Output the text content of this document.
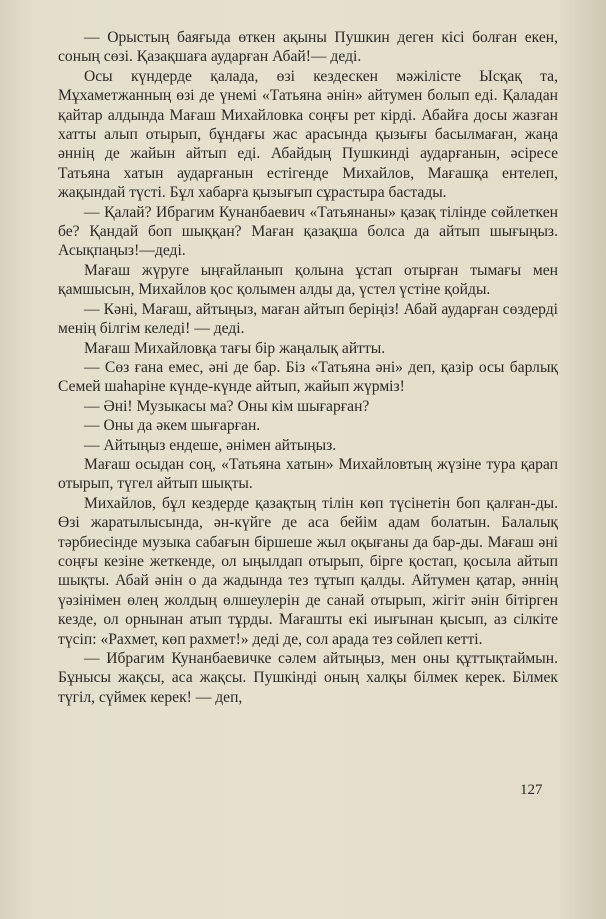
— Орыстың баяғыда өткен ақыны Пушкин деген кісі болған екен, соның сөзі. Қазақшаға аударған Абай!— деді.

Осы күндерде қалада, өзі кездескен мәжілісте Ысқақ та, Мұхаметжанның өзі де үнемі «Татьяна әнін» айтумен болып еді. Қаладан қайтар алдында Мағаш Михайловка соңғы рет кірді. Абайға досы жазған хатты алып отырып, бұндағы жас арасында қызығы басылмаған, жаңа әннің де жайын айтып еді. Абайдың Пушкинді аударғанын, әсіресе Татьяна хатын аударғанын естігенде Михайлов, Мағашқа ентелеп, жақындай түсті. Бұл хабарға қызығып сұрастыра бастады.

— Қалай? Ибрагим Кунанбаевич «Татьянаны» қазақ тілінде сөйлеткен бе? Қандай боп шыққан? Маған қазақша болса да айтып шығыңыз. Асықпаңыз!—деді.

Мағаш жүруге ыңғайланып қолына ұстап отырған тымағы мен қамшысын, Михайлов қос қолымен алды да, үстел үстіне қойды.

— Кәні, Мағаш, айтыңыз, маған айтып беріңіз! Абай аударған сөздерді менің білгім келеді! — деді.

Мағаш Михайловқа тағы бір жаңалық айтты.

— Сөз ғана емес, әні де бар. Біз «Татьяна әні» деп, қазір осы барлық Семей шаһаріне күнде-күнде айтып, жайып жүрміз!

— Әні! Музыкасы ма? Оны кім шығарған?

— Оны да әкем шығарған.

— Айтыңыз ендеше, әнімен айтыңыз.

Мағаш осыдан соң, «Татьяна хатын» Михайловтың жүзіне тура қарап отырып, түгел айтып шықты.

Михайлов, бұл кездерде қазақтың тілін көп түсінетін боп қалған-ды. Өзі жаратылысында, ән-күйге де аса бейім адам болатын. Балалық тәрбиесінде музыка сабағын біршеше жыл оқығаны да бар-ды. Мағаш әні соңғы кезіне жеткенде, ол ыңылдап отырып, бірге қостап, қосыла айтып шықты. Абай әнін о да жадында тез тұтып қалды. Айтумен қатар, әннің үәзінімен өлең жолдың өлшеулерін де санай отырып, жігіт әнін бітірген кезде, ол орнынан атып тұрды. Мағашты екі иығынан қысып, аз сілкіте түсіп: «Рахмет, көп рахмет!» деді де, сол арада тез сөйлеп кетті.

— Ибрагим Кунанбаевичке сәлем айтыңыз, мен оны құттықтаймын. Бұнысы жақсы, аса жақсы. Пушкінді оның халқы білмек керек. Білмек түгіл, сүймек керек! — деп,

127
